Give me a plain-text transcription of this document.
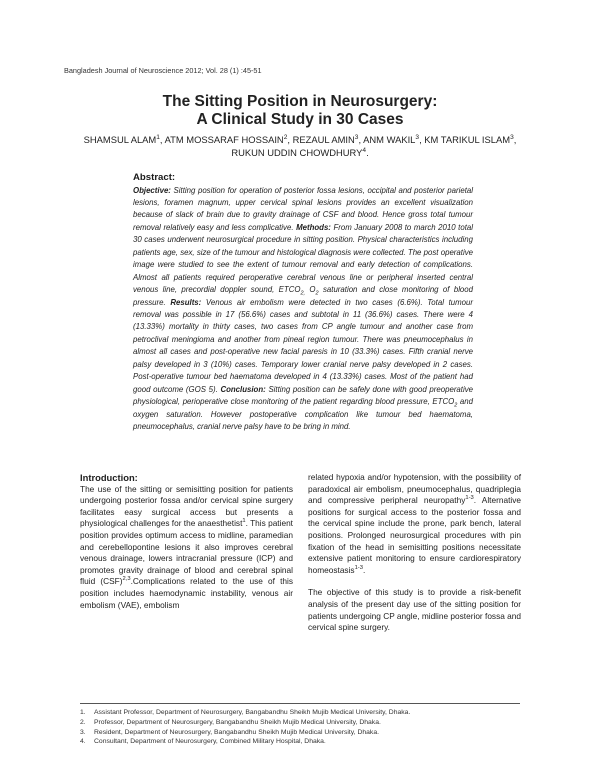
Bangladesh Journal of Neuroscience 2012; Vol. 28 (1) :45-51
The Sitting Position in Neurosurgery:
A Clinical Study in 30 Cases
SHAMSUL ALAM$^1$, ATM MOSSARAF HOSSAIN$^2$, REZAUL AMIN$^3$, ANM WAKIL$^3$, KM TARIKUL ISLAM$^3$, RUKUN UDDIN CHOWDHURY$^4$.
Abstract:
Objective: Sitting position for operation of posterior fossa lesions, occipital and posterior parietal lesions, foramen magnum, upper cervical spinal lesions provides an excellent visualization because of slack of brain due to gravity drainage of CSF and blood. Hence gross total tumour removal relatively easy and less complicative. Methods: From January 2008 to march 2010 total 30 cases underwent neurosurgical procedure in sitting position. Physical characteristics including patients age, sex, size of the tumour and histological diagnosis were collected. The post operative image were studied to see the extent of tumour removal and early detection of complications. Almost all patients required peroperative cerebral venous line or peripheral inserted central venous line, precordial doppler sound, $ETCO_{2,}$ $O_2$ saturation and close monitoring of blood pressure. Results: Venous air embolism were detected in two cases (6.6%). Total tumour removal was possible in 17 (56.6%) cases and subtotal in 11 (36.6%) cases. There were 4 (13.33%) mortality in thirty cases, two cases from CP angle tumour and another case from petroclival meningioma and another from pineal region tumour. There was pneumocephalus in almost all cases and post-operative new facial paresis in 10 (33.3%) cases. Fifth cranial nerve palsy developed in 3 (10%) cases. Temporary lower cranial nerve palsy developed in 2 cases. Post-operative tumour bed haematoma developed in 4 (13.33%) cases. Most of the patient had good outcome (GOS 5). Conclusion: Sitting position can be safely done with good preoperative physiological, perioperative close monitoring of the patient regarding blood pressure, $ETCO_2$ and oxygen saturation. However postoperative complication like tumour bed haematoma, pneumocephalus, cranial nerve palsy have to be bring in mind.
Introduction:
The use of the sitting or semisitting position for patients undergoing posterior fossa and/or cervical spine surgery facilitates easy surgical access but presents a physiological challenges for the anaesthetist$^1$. This patient position provides optimum access to midline, paramedian and cerebellopontine lesions it also improves cerebral venous drainage, lowers intracranial pressure (ICP) and promotes gravity drainage of blood and cerebral spinal fluid (CSF)$^{2,3}$.Complications related to the use of this position includes haemodynamic instability, venous air embolism (VAE), embolism
related hypoxia and/or hypotension, with the possibility of paradoxical air embolism, pneumocephalus, quadriplegia and compressive peripheral neuropathy$^{1-3}$. Alternative positions for surgical access to the posterior fossa and the cervical spine include the prone, park bench, lateral positions. Prolonged neurosurgical procedures with pin fixation of the head in semisitting positions necessitate extensive patient monitoring to ensure cardiorespiratory homeostasis$^{1-3}$.
The objective of this study is to provide a risk-benefit analysis of the present day use of the sitting position for patients undergoing CP angle, midline posterior fossa and cervical spine surgery.
1. Assistant Professor, Department of Neurosurgery, Bangabandhu Sheikh Mujib Medical University, Dhaka.
2. Professor, Department of Neurosurgery, Bangabandhu Sheikh Mujib Medical University, Dhaka.
3. Resident, Department of Neurosurgery, Bangabandhu Sheikh Mujib Medical University, Dhaka.
4. Consultant, Department of Neurosurgery, Combined Military Hospital, Dhaka.
